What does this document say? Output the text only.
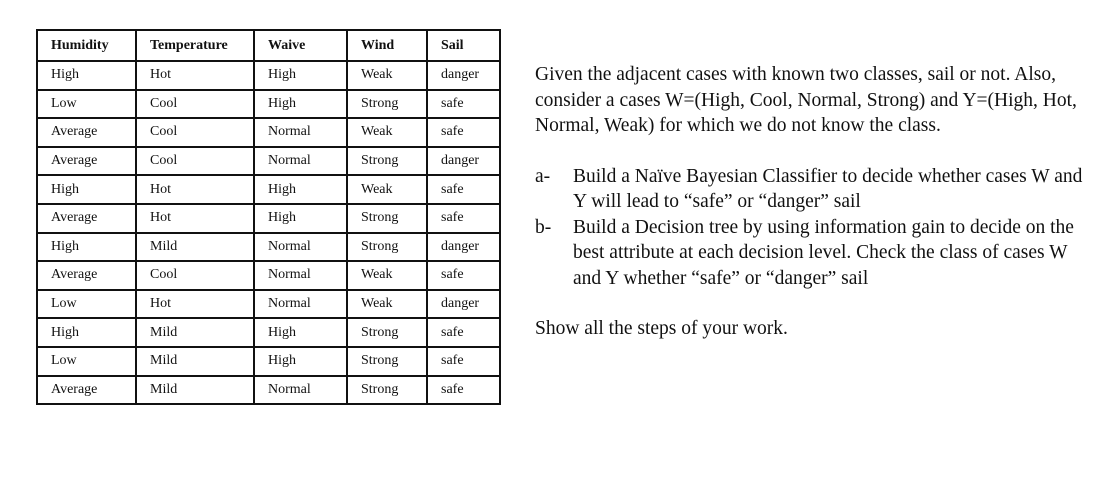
Humidity	Temperature	Waive	Wind	Sail
High	Hot	High	Weak	danger
Low	Cool	High	Strong	safe
Average	Cool	Normal	Weak	safe
Average	Cool	Normal	Strong	danger
High	Hot	High	Weak	safe
Average	Hot	High	Strong	safe
High	Mild	Normal	Strong	danger
Average	Cool	Normal	Weak	safe
Low	Hot	Normal	Weak	danger
High	Mild	High	Strong	safe
Low	Mild	High	Strong	safe
Average	Mild	Normal	Strong	safe

Given the adjacent cases with known two classes, sail or not. Also, consider a cases W=(High, Cool, Normal, Strong) and Y=(High, Hot, Normal, Weak) for which we do not know the class.

a-	Build a Naïve Bayesian Classifier to decide whether cases W and Y will lead to “safe” or “danger” sail
b-	Build a Decision tree by using information gain to decide on the best attribute at each decision level. Check the class of cases W and Y whether “safe” or “danger” sail

Show all the steps of your work.
